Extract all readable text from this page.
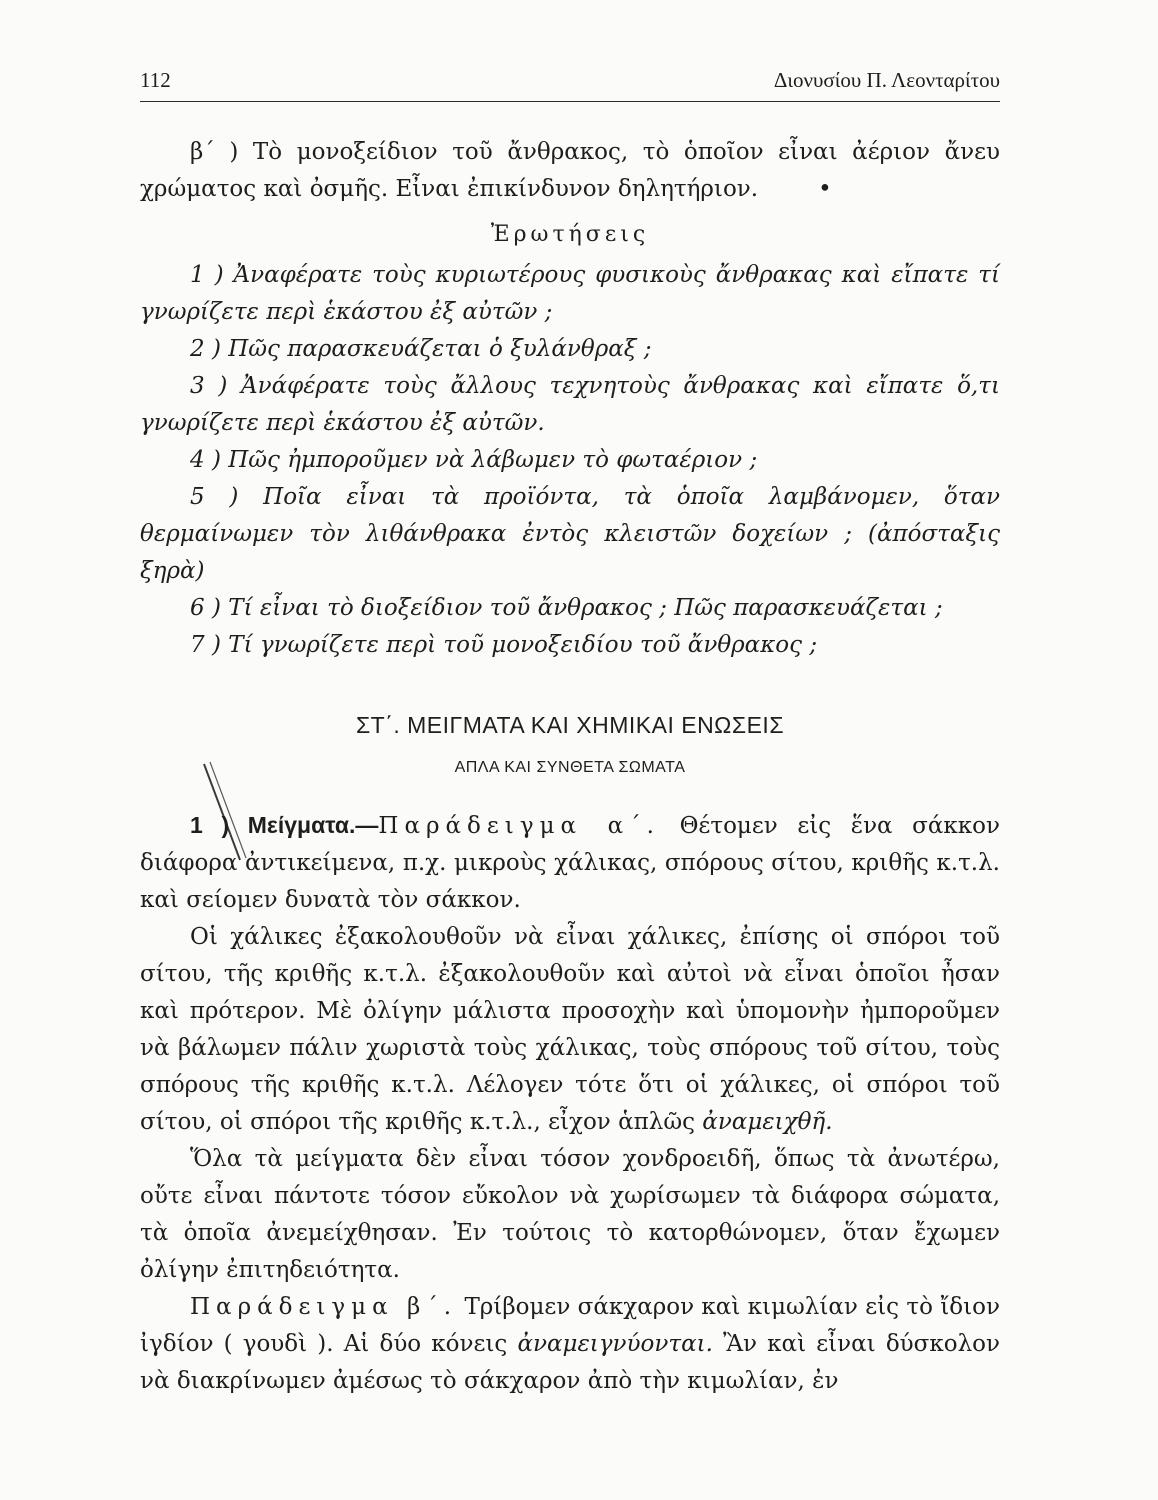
112	Διονυσίου Π. Λεονταρίτου

β΄ ) Τὸ μονοξείδιον τοῦ ἄνθρακος, τὸ ὁποῖον εἶναι ἀέριον ἄνευ χρώματος καὶ ὀσμῆς. Εἶναι ἐπικίνδυνον δηλητήριον.	•

Ἐρωτήσεις

1 ) Ἀναφέρατε τοὺς κυριωτέρους φυσικοὺς ἄνθρακας καὶ εἴπατε τί γνωρίζετε περὶ ἑκάστου ἐξ αὐτῶν ;

2 ) Πῶς παρασκευάζεται ὁ ξυλάνθραξ ;

3 ) Ἀνάφέρατε τοὺς ἄλλους τεχνητοὺς ἄνθρακας καὶ εἴπατε ὅ,τι γνωρίζετε περὶ ἑκάστου ἐξ αὐτῶν.

4 ) Πῶς ἠμποροῦμεν νὰ λάβωμεν τὸ φωταέριον ;

5 ) Ποῖα εἶναι τὰ προϊόντα, τὰ ὁποῖα λαμβάνομεν, ὅταν θερμαίνωμεν τὸν λιθάνθρακα ἐντὸς κλειστῶν δοχείων ; (ἀπόσταξις ξηρὰ)

6 ) Τί εἶναι τὸ διοξείδιον τοῦ ἄνθρακος ; Πῶς παρασκευάζεται ;

7 ) Τί γνωρίζετε περὶ τοῦ μονοξειδίου τοῦ ἄνθρακος ;

ΣΤ΄. ΜΕΙΓΜΑΤΑ ΚΑΙ ΧΗΜΙΚΑΙ ΕΝΩΣΕΙΣ
ΑΠΛΑ ΚΑΙ ΣΥΝΘΕΤΑ ΣΩΜΑΤΑ

1 ) Μείγματα.—Παράδειγμα α΄. Θέτομεν εἰς ἕνα σάκκον διάφορα ἀντικείμενα, π.χ. μικροὺς χάλικας, σπόρους σίτου, κριθῆς κ.τ.λ. καὶ σείομεν δυνατὰ τὸν σάκκον.

Οἱ χάλικες ἐξακολουθοῦν νὰ εἶναι χάλικες, ἐπίσης οἱ σπόροι τοῦ σίτου, τῆς κριθῆς κ.τ.λ. ἐξακολουθοῦν καὶ αὐτοὶ νὰ εἶναι ὁποῖοι ἦσαν καὶ πρότερον. Μὲ ὀλίγην μάλιστα προσοχὴν καὶ ὑπομονὴν ἠμποροῦμεν νὰ βάλωμεν πάλιν χωριστὰ τοὺς χάλικας, τοὺς σπόρους τοῦ σίτου, τοὺς σπόρους τῆς κριθῆς κ.τ.λ. Λέλογεν τότε ὅτι οἱ χάλικες, οἱ σπόροι τοῦ σίτου, οἱ σπόροι τῆς κριθῆς κ.τ.λ., εἶχον ἁπλῶς ἀναμειχθῆ.

Ὅλα τὰ μείγματα δὲν εἶναι τόσον χονδροειδῆ, ὅπως τὰ ἀνωτέρω, οὔτε εἶναι πάντοτε τόσον εὔκολον νὰ χωρίσωμεν τὰ διάφορα σώματα, τὰ ὁποῖα ἀνεμείχθησαν. Ἐν τούτοις τὸ κατορθώνομεν, ὅταν ἔχωμεν ὀλίγην ἐπιτηδειότητα.

Παράδειγμα β΄. Τρίβομεν σάκχαρον καὶ κιμωλίαν εἰς τὸ ἴδιον ἰγδίον ( γουδὶ ). Αἱ δύο κόνεις ἀναμειγνύονται. Ἂν καὶ εἶναι δύσκολον νὰ διακρίνωμεν ἀμέσως τὸ σάκχαρον ἀπὸ τὴν κιμωλίαν, ἐν
